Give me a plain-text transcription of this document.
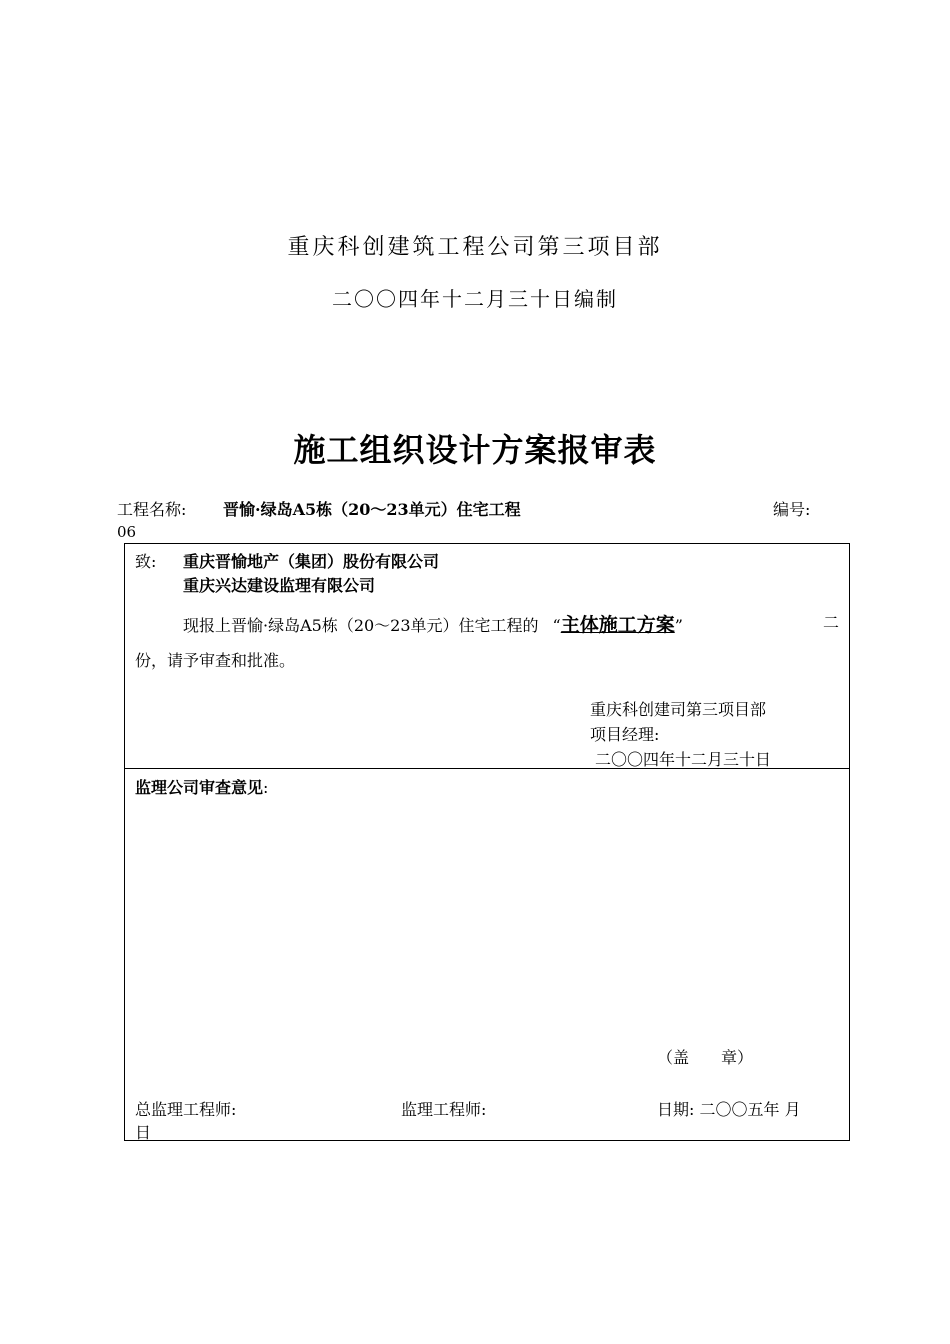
重庆科创建筑工程公司第三项目部
二〇〇四年十二月三十日编制
施工组织设计方案报审表
工程名称: 晋愉·绿岛A5栋（20～23单元）住宅工程	编号:
06
致: 重庆晋愉地产（集团）股份有限公司
重庆兴达建设监理有限公司
现报上晋愉·绿岛A5栋（20～23单元）住宅工程的 “主体施工方案”	二
份，请予审查和批准。
重庆科创建司第三项目部
项目经理:
二〇〇四年十二月三十日
监理公司审查意见:
（盖　　章）
总监理工程师:	监理工程师:	日期: 二〇〇五年 月
日
